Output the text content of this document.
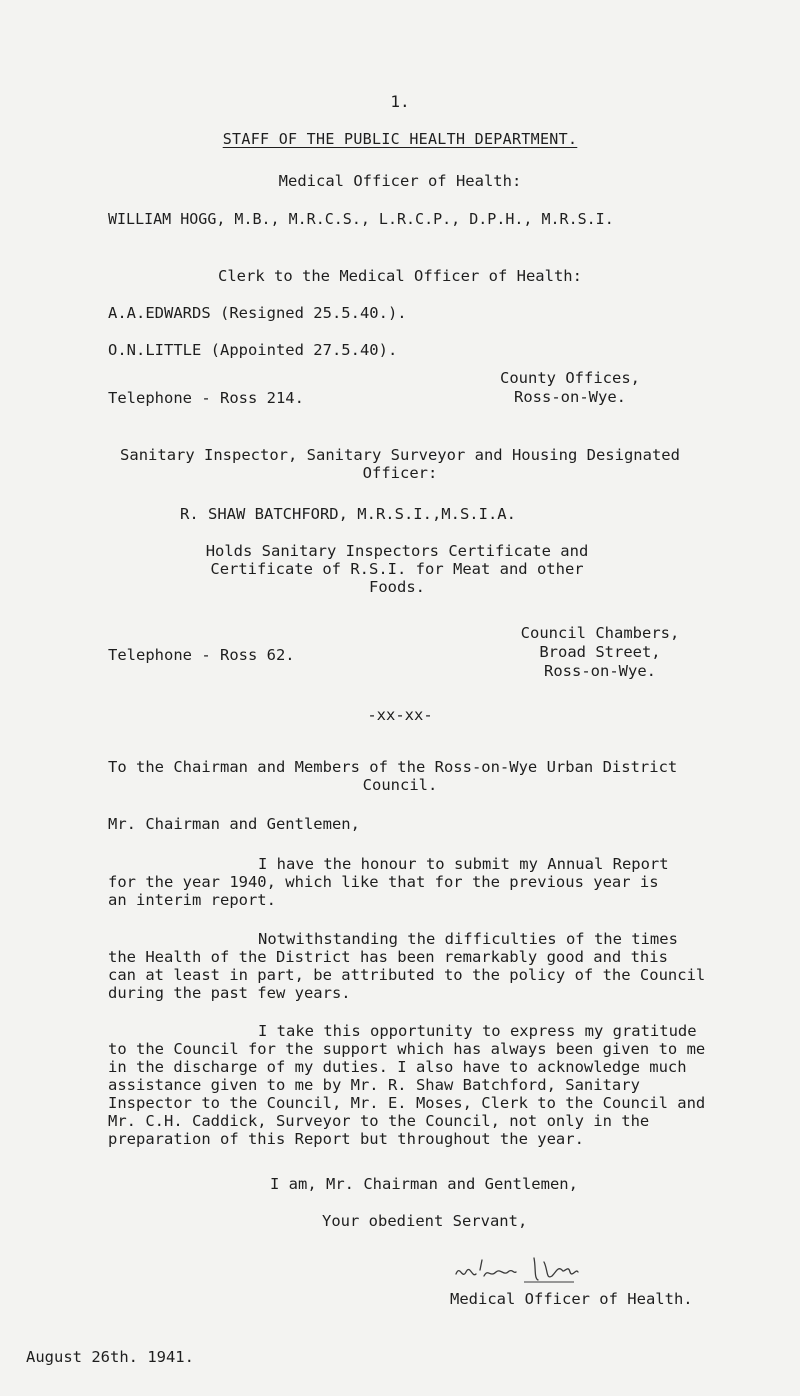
1.
STAFF OF THE PUBLIC HEALTH DEPARTMENT.
Medical Officer of Health:
WILLIAM HOGG, M.B., M.R.C.S., L.R.C.P., D.P.H., M.R.S.I.
Clerk to the Medical Officer of Health:
A.A.EDWARDS (Resigned 25.5.40.).
O.N.LITTLE (Appointed 27.5.40).
Telephone - Ross 214.
County Offices,
Ross-on-Wye.
Sanitary Inspector, Sanitary Surveyor and Housing Designated
Officer:
R. SHAW BATCHFORD, M.R.S.I.,M.S.I.A.
Holds Sanitary Inspectors Certificate and
Certificate of R.S.I. for Meat and other
Foods.
Telephone - Ross 62.
Council Chambers,
Broad Street,
Ross-on-Wye.
-xx-xx-
To the Chairman and Members of the Ross-on-Wye Urban District
Council.
Mr. Chairman and Gentlemen,
I have the honour to submit my Annual Report
for the year 1940, which like that for the previous year is
an interim report.
Notwithstanding the difficulties of the times
the Health of the District has been remarkably good and this
can at least in part, be attributed to the policy of the Council
during the past few years.
I take this opportunity to express my gratitude
to the Council for the support which has always been given to me
in the discharge of my duties. I also have to acknowledge much
assistance given to me by Mr. R. Shaw Batchford, Sanitary
Inspector to the Council, Mr. E. Moses, Clerk to the Council and
Mr. C.H. Caddick, Surveyor to the Council, not only in the
preparation of this Report but throughout the year.
I am, Mr. Chairman and Gentlemen,
Your obedient Servant,
Medical Officer of Health.
August 26th. 1941.
